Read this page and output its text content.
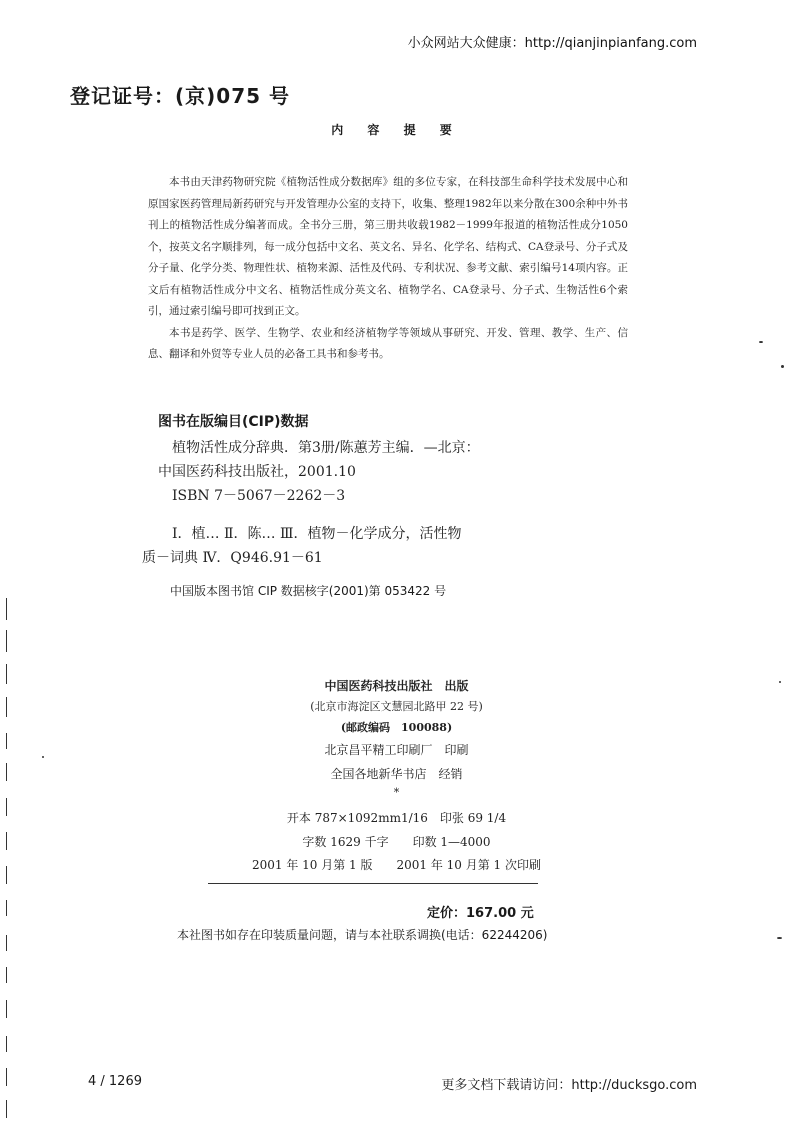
小众网站大众健康：http://qianjinpianfang.com
登记证号：(京)075 号
内 容 提 要

本书由天津药物研究院《植物活性成分数据库》组的多位专家，在科技部生命科学技术发展中心和原国家医药管理局新药研究与开发管理办公室的支持下，收集、整理1982年以来分散在300余种中外书刊上的植物活性成分编著而成。全书分三册，第三册共收载1982－1999年报道的植物活性成分1050个，按英文名字顺排列，每一成分包括中文名、英文名、异名、化学名、结构式、CA登录号、分子式及分子量、化学分类、物理性状、植物来源、活性及代码、专利状况、参考文献、索引编号14项内容。正文后有植物活性成分中文名、植物活性成分英文名、植物学名、CA登录号、分子式、生物活性6个索引，通过索引编号即可找到正文。

本书是药学、医学、生物学、农业和经济植物学等领域从事研究、开发、管理、教学、生产、信息、翻译和外贸等专业人员的必备工具书和参考书。

图书在版编目(CIP)数据
植物活性成分辞典．第3册/陈蕙芳主编．—北京：
中国医药科技出版社，2001.10
ISBN 7－5067－2262－3
Ⅰ．植… Ⅱ．陈… Ⅲ．植物－化学成分，活性物
质－词典 Ⅳ．Q946.91－61
中国版本图书馆 CIP 数据核字(2001)第 053422 号
中国医药科技出版社　出版
(北京市海淀区文慧园北路甲 22 号)
(邮政编码　100088)
北京昌平精工印刷厂　印刷
全国各地新华书店　经销
*
开本 787×1092mm1/16　印张 69 1/4
字数 1629 千字　　印数 1—4000
2001 年 10 月第 1 版　　2001 年 10 月第 1 次印刷
定价：167.00 元
本社图书如存在印装质量问题，请与本社联系调换(电话：62244206)
4 / 1269	更多文档下载请访问：http://ducksgo.com
